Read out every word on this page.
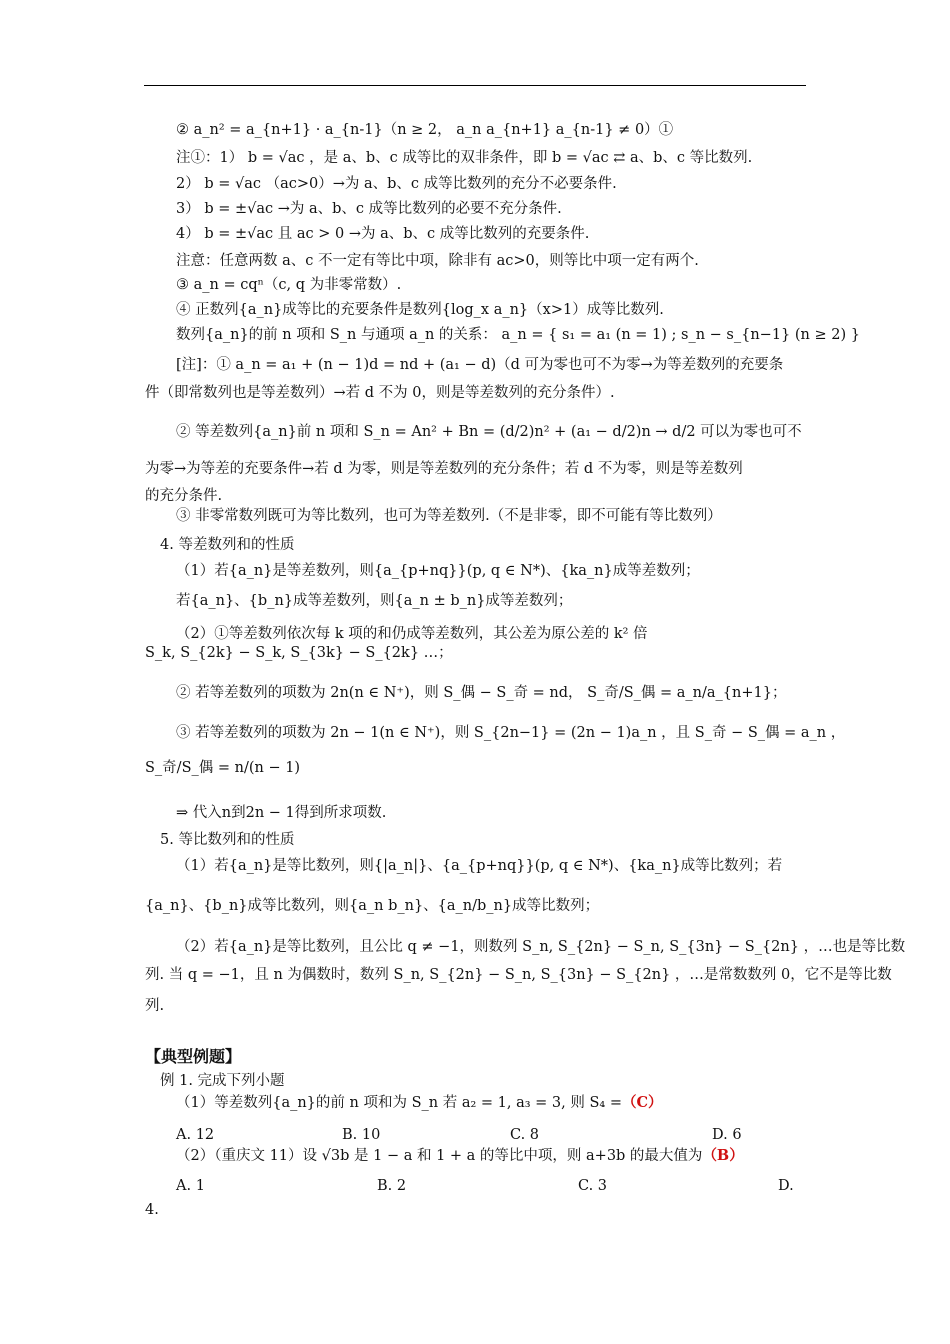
② a_n² = a_{n+1} · a_{n-1}（n ≥ 2， a_n a_{n+1} a_{n-1} ≠ 0）①
注①：1） b = √ac ，是 a、b、c 成等比的双非条件，即 b = √ac ⇄ a、b、c 等比数列.
2） b = √ac （ac>0）→为 a、b、c 成等比数列的充分不必要条件.
3） b = ±√ac →为 a、b、c 成等比数列的必要不充分条件.
4） b = ±√ac 且 ac > 0 →为 a、b、c 成等比数列的充要条件.
注意：任意两数 a、c 不一定有等比中项，除非有 ac>0，则等比中项一定有两个.
③ a_n = cqⁿ（c, q 为非零常数）.
④ 正数列{a_n}成等比的充要条件是数列{log_x a_n}（x>1）成等比数列.
数列{a_n}的前 n 项和 S_n 与通项 a_n 的关系： a_n = { s₁ = a₁ (n = 1) ; s_n − s_{n−1} (n ≥ 2) }
[注]：① a_n = a₁ + (n − 1)d = nd + (a₁ − d)（d 可为零也可不为零→为等差数列的充要条
件（即常数列也是等差数列）→若 d 不为 0，则是等差数列的充分条件）.
② 等差数列{a_n}前 n 项和 S_n = An² + Bn = (d/2)n² + (a₁ − d/2)n → d/2 可以为零也可不
为零→为等差的充要条件→若 d 为零，则是等差数列的充分条件；若 d 不为零，则是等差数列
的充分条件.
③ 非零常数列既可为等比数列，也可为等差数列.（不是非零，即不可能有等比数列）
4. 等差数列和的性质
（1）若{a_n}是等差数列，则{a_{p+nq}}(p, q ∈ N*)、{ka_n}成等差数列；
若{a_n}、{b_n}成等差数列，则{a_n ± b_n}成等差数列；
（2）①等差数列依次每 k 项的和仍成等差数列，其公差为原公差的 k² 倍
S_k, S_{2k} − S_k, S_{3k} − S_{2k} …；
② 若等差数列的项数为 2n(n ∈ N⁺)，则 S_偶 − S_奇 = nd， S_奇/S_偶 = a_n/a_{n+1}；
③ 若等差数列的项数为 2n − 1(n ∈ N⁺)，则 S_{2n−1} = (2n − 1)a_n ，且 S_奇 − S_偶 = a_n ，
S_奇/S_偶 = n/(n − 1)
⇒ 代入n到2n − 1得到所求项数.
5. 等比数列和的性质
（1）若{a_n}是等比数列，则{|a_n|}、{a_{p+nq}}(p, q ∈ N*)、{ka_n}成等比数列；若
{a_n}、{b_n}成等比数列，则{a_n b_n}、{a_n/b_n}成等比数列；
（2）若{a_n}是等比数列，且公比 q ≠ −1，则数列 S_n, S_{2n} − S_n, S_{3n} − S_{2n} ，…也是等比数
列. 当 q = −1，且 n 为偶数时，数列 S_n, S_{2n} − S_n, S_{3n} − S_{2n} ，…是常数数列 0，它不是等比数
列.
【典型例题】
例 1. 完成下列小题
（1）等差数列{a_n}的前 n 项和为 S_n 若 a₂ = 1, a₃ = 3, 则 S₄ =（C）
A. 12	B. 10	C. 8	D. 6
（2）（重庆文 11）设 √3b 是 1 − a 和 1 + a 的等比中项，则 a+3b 的最大值为（B）
A. 1	B. 2	C. 3	D.
4.
